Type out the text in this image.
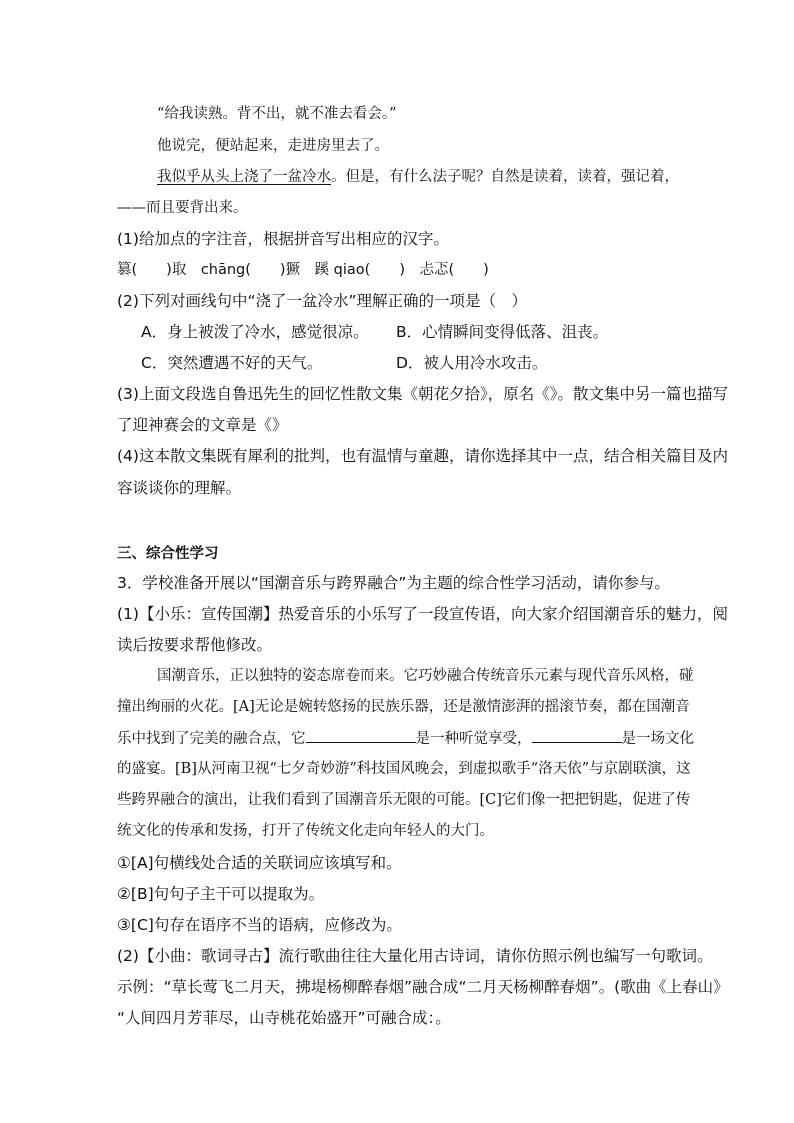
“给我读熟。背不出，就不准去看会。”
他说完，便站起来，走进房里去了。
我似乎从头上浇了一盆冷水。但是，有什么法子呢？自然是读着，读着，强记着，
——而且要背出来。
(1)给加点的字注音，根据拼音写出相应的汉字。
篡(　　)取　chāng(　　)獗　蹊 qiao(　　)　忐忑(　　)
(2)下列对画线句中“浇了一盆冷水”理解正确的一项是（　）
A．身上被泼了冷水，感觉很凉。 B．心情瞬间变得低落、沮丧。
C．突然遭遇不好的天气。	D．被人用冷水攻击。
(3)上面文段选自鲁迅先生的回忆性散文集《朝花夕拾》，原名《》。散文集中另一篇也描写
了迎神赛会的文章是《》
(4)这本散文集既有犀利的批判，也有温情与童趣，请你选择其中一点，结合相关篇目及内
容谈谈你的理解。
三、综合性学习
3．学校准备开展以“国潮音乐与跨界融合”为主题的综合性学习活动，请你参与。
(1)【小乐：宣传国潮】热爱音乐的小乐写了一段宣传语，向大家介绍国潮音乐的魅力，阅
读后按要求帮他修改。
国潮音乐，正以独特的姿态席卷而来。它巧妙融合传统音乐元素与现代音乐风格，碰
撞出绚丽的火花。[A]无论是婉转悠扬的民族乐器，还是激情澎湃的摇滚节奏，都在国潮音
乐中找到了完美的融合点，它	是一种听觉享受，	是一场文化
的盛宴。[B]从河南卫视“七夕奇妙游”科技国风晚会，到虚拟歌手“洛天依”与京剧联演，这
些跨界融合的演出，让我们看到了国潮音乐无限的可能。[C]它们像一把把钥匙，促进了传
统文化的传承和发扬，打开了传统文化走向年轻人的大门。
①[A]句横线处合适的关联词应该填写和。
②[B]句句子主干可以提取为。
③[C]句存在语序不当的语病，应修改为。
(2)【小曲：歌词寻古】流行歌曲往往大量化用古诗词，请你仿照示例也编写一句歌词。
示例：“草长莺飞二月天，拂堤杨柳醉春烟”融合成“二月天杨柳醉春烟”。(歌曲《上春山》
“人间四月芳菲尽，山寺桃花始盛开”可融合成：。
